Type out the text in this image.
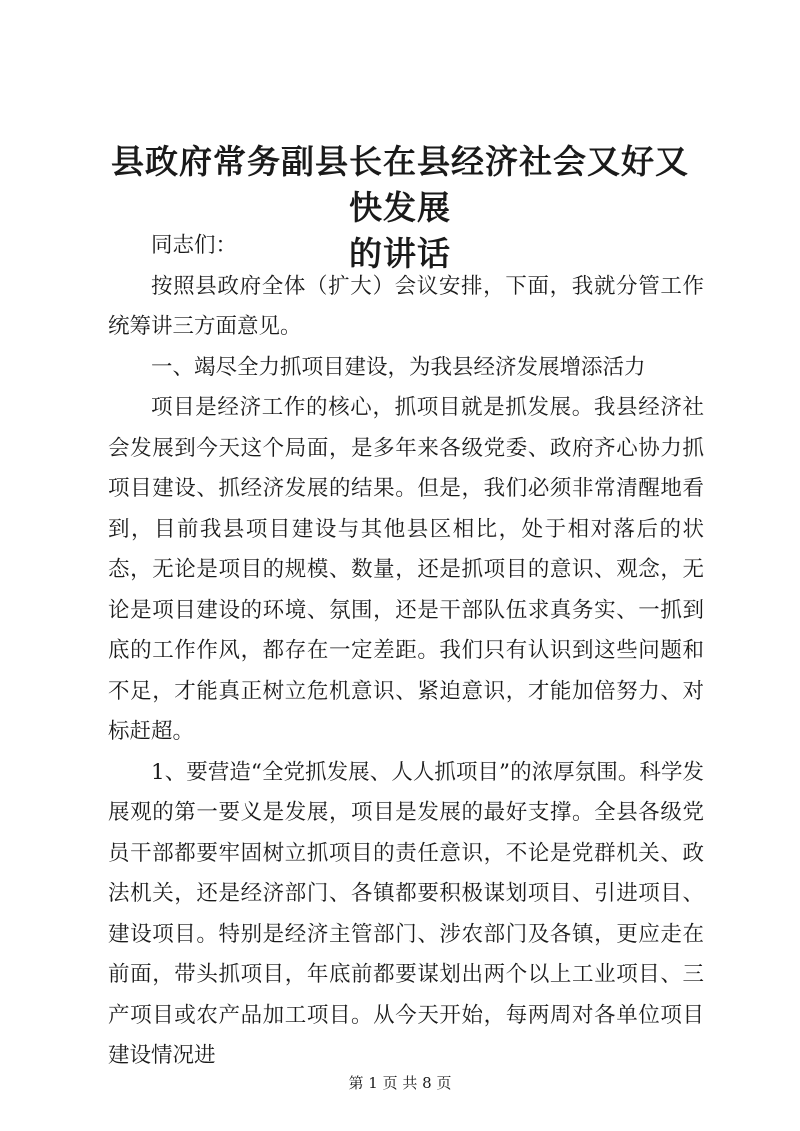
县政府常务副县长在县经济社会又好又快发展
的讲话

同志们：

按照县政府全体（扩大）会议安排，下面，我就分管工作统筹讲三方面意见。

一、竭尽全力抓项目建设，为我县经济发展增添活力

项目是经济工作的核心，抓项目就是抓发展。我县经济社会发展到今天这个局面，是多年来各级党委、政府齐心协力抓项目建设、抓经济发展的结果。但是，我们必须非常清醒地看到，目前我县项目建设与其他县区相比，处于相对落后的状态，无论是项目的规模、数量，还是抓项目的意识、观念，无论是项目建设的环境、氛围，还是干部队伍求真务实、一抓到底的工作作风，都存在一定差距。我们只有认识到这些问题和不足，才能真正树立危机意识、紧迫意识，才能加倍努力、对标赶超。

1、要营造“全党抓发展、人人抓项目”的浓厚氛围。科学发展观的第一要义是发展，项目是发展的最好支撑。全县各级党员干部都要牢固树立抓项目的责任意识，不论是党群机关、政法机关，还是经济部门、各镇都要积极谋划项目、引进项目、建设项目。特别是经济主管部门、涉农部门及各镇，更应走在前面，带头抓项目，年底前都要谋划出两个以上工业项目、三产项目或农产品加工项目。从今天开始，每两周对各单位项目建设情况进

第 1 页 共 8 页
